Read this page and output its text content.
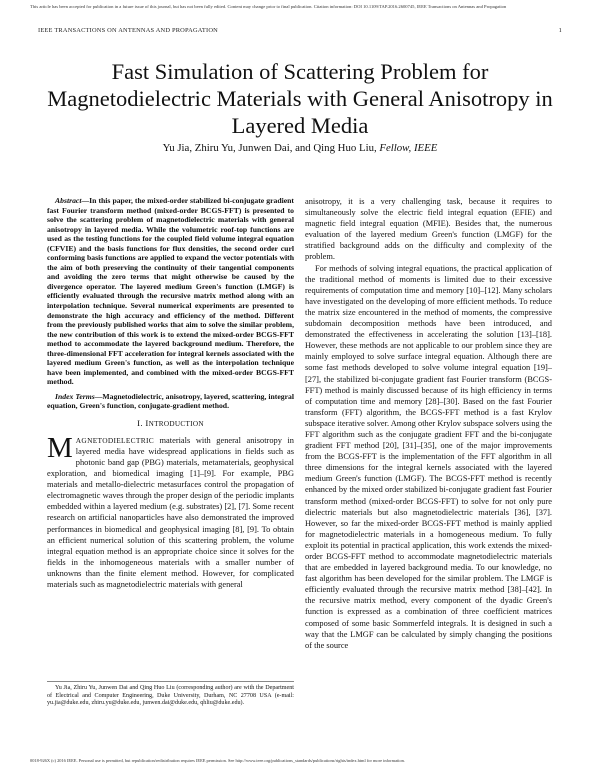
This article has been accepted for publication in a future issue of this journal, but has not been fully edited. Content may change prior to final publication. Citation information: DOI 10.1109/TAP.2016.2600745, IEEE Transactions on Antennas and Propagation
IEEE TRANSACTIONS ON ANTENNAS AND PROPAGATION	1
Fast Simulation of Scattering Problem for Magnetodielectric Materials with General Anisotropy in Layered Media
Yu Jia, Zhiru Yu, Junwen Dai, and Qing Huo Liu, Fellow, IEEE

Abstract—In this paper, the mixed-order stabilized bi-conjugate gradient fast Fourier transform method (mixed-order BCGS-FFT) is presented to solve the scattering problem of magnetodielectric materials with general anisotropy in layered media. While the volumetric roof-top functions are used as the testing functions for the coupled field volume integral equation (CFVIE) and the basis functions for flux densities, the second order curl conforming basis functions are applied to expand the vector potentials with the aim of both preserving the continuity of their tangential components and avoiding the zero terms that might otherwise be caused by the divergence operator. The layered medium Green's function (LMGF) is efficiently evaluated through the recursive matrix method along with an interpolation technique. Several numerical experiments are presented to demonstrate the high accuracy and efficiency of the method. Different from the previously published works that aim to solve the similar problem, the new contribution of this work is to extend the mixed-order BCGS-FFT method to accommodate the layered background medium. Therefore, the three-dimensional FFT acceleration for integral kernels associated with the layered medium Green's function, as well as the interpolation technique have been implemented, and combined with the mixed-order BCGS-FFT method.

Index Terms—Magnetodielectric, anisotropy, layered, scattering, integral equation, Green's function, conjugate-gradient method.

I. INTRODUCTION

MAGNETODIELECTRIC materials with general anisotropy in layered media have widespread applications in fields such as photonic band gap (PBG) materials, metamaterials, geophysical exploration, and biomedical imaging [1]–[9]. For example, PBG materials and metallo-dielectric metasurfaces control the propagation of electromagnetic waves through the proper design of the periodic implants embedded within a layered medium (e.g. substrates) [2], [7]. Some recent research on artificial nanoparticles have also demonstrated the improved performances in biomedical and geophysical imaging [8], [9]. To obtain an efficient numerical solution of this scattering problem, the volume integral equation method is an appropriate choice since it solves for the fields in the inhomogeneous materials with a smaller number of unknowns than the finite element method. However, for complicated materials such as magnetodielectric materials with general

Yu Jia, Zhiru Yu, Junwen Dai and Qing Huo Liu (corresponding author) are with the Department of Electrical and Computer Engineering, Duke University, Durham, NC 27708 USA (e-mail: yu.jia@duke.edu, zhiru.yu@duke.edu, junwen.dai@duke.edu, qhliu@duke.edu).

anisotropy, it is a very challenging task, because it requires to simultaneously solve the electric field integral equation (EFIE) and magnetic field integral equation (MFIE). Besides that, the numerous evaluation of the layered medium Green's function (LMGF) for the stratified background adds on the difficulty and complexity of the problem.

For methods of solving integral equations, the practical application of the traditional method of moments is limited due to their excessive requirements of computation time and memory [10]–[12]. Many scholars have investigated on the developing of more efficient methods. To reduce the matrix size encountered in the method of moments, the compressive subdomain decomposition methods have been introduced, and demonstrated the effectiveness in accelerating the solution [13]–[18]. However, these methods are not applicable to our problem since they are mainly employed to solve surface integral equation. Although there are some fast methods developed to solve volume integral equation [19]–[27], the stabilized bi-conjugate gradient fast Fourier transform (BCGS-FFT) method is mainly discussed because of its high efficiency in terms of computation time and memory [28]–[30]. Based on the fast Fourier transform (FFT) algorithm, the BCGS-FFT method is a fast Krylov subspace iterative solver. Among other Krylov subspace solvers using the FFT algorithm such as the conjugate gradient FFT and the bi-conjugate gradient FFT method [20], [31]–[35], one of the major improvements from the BCGS-FFT is the implementation of the FFT algorithm in all three dimensions for the integral kernels associated with the layered medium Green's function (LMGF). The BCGS-FFT method is recently enhanced by the mixed order stabilized bi-conjugate gradient fast Fourier transform method (mixed-order BCGS-FFT) to solve for not only pure dielectric materials but also magnetodielectric materials [36], [37]. However, so far the mixed-order BCGS-FFT method is mainly applied for magnetodielectric materials in a homogeneous medium. To fully exploit its potential in practical application, this work extends the mixed-order BCGS-FFT method to accommodate magnetodielectric materials that are embedded in layered background media. To our knowledge, no fast algorithm has been developed for the similar problem. The LMGF is efficiently evaluated through the recursive matrix method [38]–[42]. In the recursive matrix method, every component of the dyadic Green's function is expressed as a combination of three coefficient matrices composed of some basic Sommerfeld integrals. It is designed in such a way that the LMGF can be calculated by simply changing the positions of the source

0018-926X (c) 2016 IEEE. Personal use is permitted, but republication/redistribution requires IEEE permission. See http://www.ieee.org/publications_standards/publications/rights/index.html for more information.
